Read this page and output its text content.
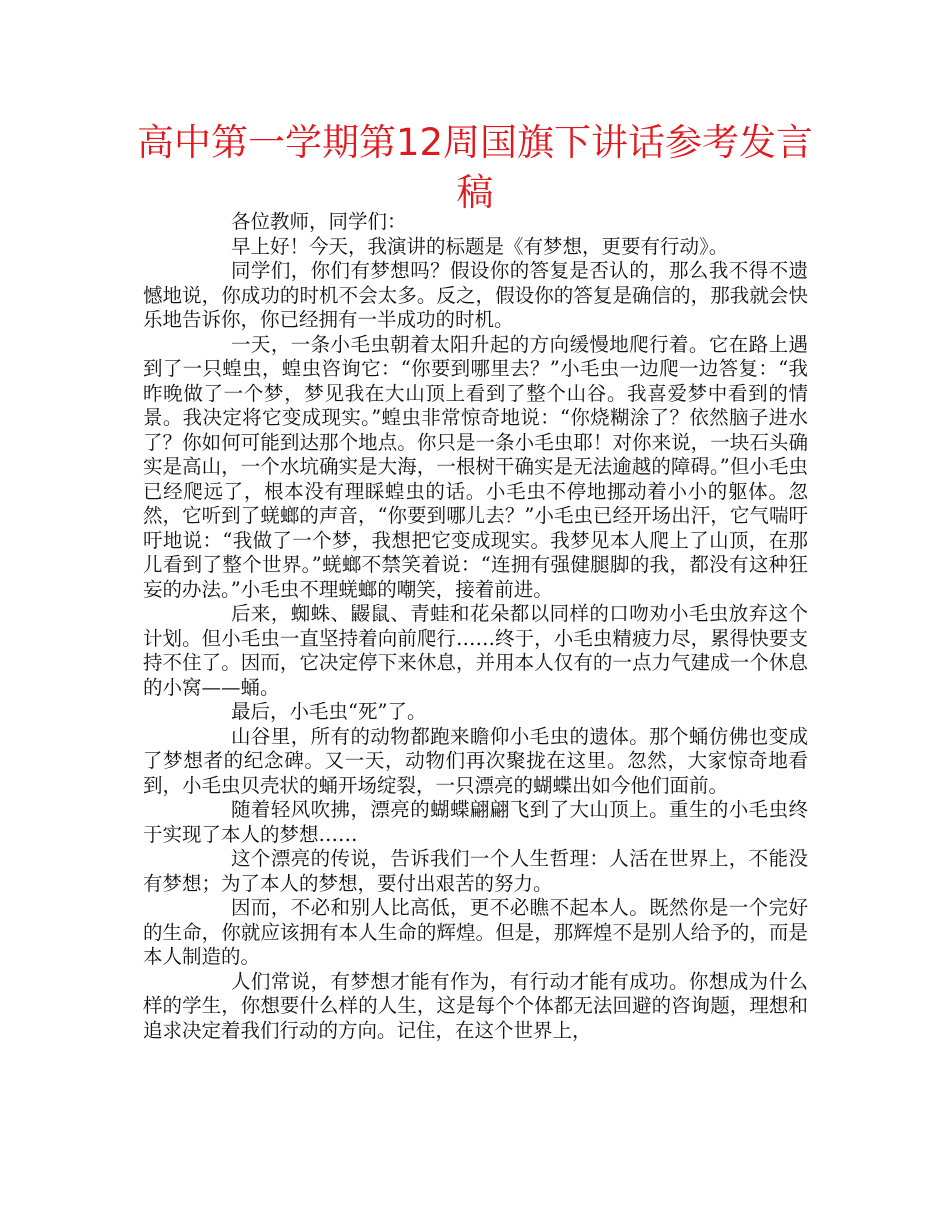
高中第一学期第12周国旗下讲话参考发言稿

各位教师，同学们：

早上好！今天，我演讲的标题是《有梦想，更要有行动》。

同学们，你们有梦想吗？假设你的答复是否认的，那么我不得不遗憾地说，你成功的时机不会太多。反之，假设你的答复是确信的，那我就会快乐地告诉你，你已经拥有一半成功的时机。

一天，一条小毛虫朝着太阳升起的方向缓慢地爬行着。它在路上遇到了一只蝗虫，蝗虫咨询它：“你要到哪里去？”小毛虫一边爬一边答复：“我昨晚做了一个梦，梦见我在大山顶上看到了整个山谷。我喜爱梦中看到的情景。我决定将它变成现实。”蝗虫非常惊奇地说：“你烧糊涂了？依然脑子进水了？你如何可能到达那个地点。你只是一条小毛虫耶！对你来说，一块石头确实是高山，一个水坑确实是大海，一根树干确实是无法逾越的障碍。”但小毛虫已经爬远了，根本没有理睬蝗虫的话。小毛虫不停地挪动着小小的躯体。忽然，它听到了蜣螂的声音，“你要到哪儿去？”小毛虫已经开场出汗，它气喘吁吁地说：“我做了一个梦，我想把它变成现实。我梦见本人爬上了山顶，在那儿看到了整个世界。”蜣螂不禁笑着说：“连拥有强健腿脚的我，都没有这种狂妄的办法。”小毛虫不理蜣螂的嘲笑，接着前进。

后来，蜘蛛、鼹鼠、青蛙和花朵都以同样的口吻劝小毛虫放弃这个计划。但小毛虫一直坚持着向前爬行……终于，小毛虫精疲力尽，累得快要支持不住了。因而，它决定停下来休息，并用本人仅有的一点力气建成一个休息的小窝——蛹。

最后，小毛虫“死”了。

山谷里，所有的动物都跑来瞻仰小毛虫的遗体。那个蛹仿佛也变成了梦想者的纪念碑。又一天，动物们再次聚拢在这里。忽然，大家惊奇地看到，小毛虫贝壳状的蛹开场绽裂，一只漂亮的蝴蝶出如今他们面前。

随着轻风吹拂，漂亮的蝴蝶翩翩飞到了大山顶上。重生的小毛虫终于实现了本人的梦想……

这个漂亮的传说，告诉我们一个人生哲理：人活在世界上，不能没有梦想；为了本人的梦想，要付出艰苦的努力。

因而，不必和别人比高低，更不必瞧不起本人。既然你是一个完好的生命，你就应该拥有本人生命的辉煌。但是，那辉煌不是别人给予的，而是本人制造的。

人们常说，有梦想才能有作为，有行动才能有成功。你想成为什么样的学生，你想要什么样的人生，这是每个个体都无法回避的咨询题，理想和追求决定着我们行动的方向。记住，在这个世界上，
